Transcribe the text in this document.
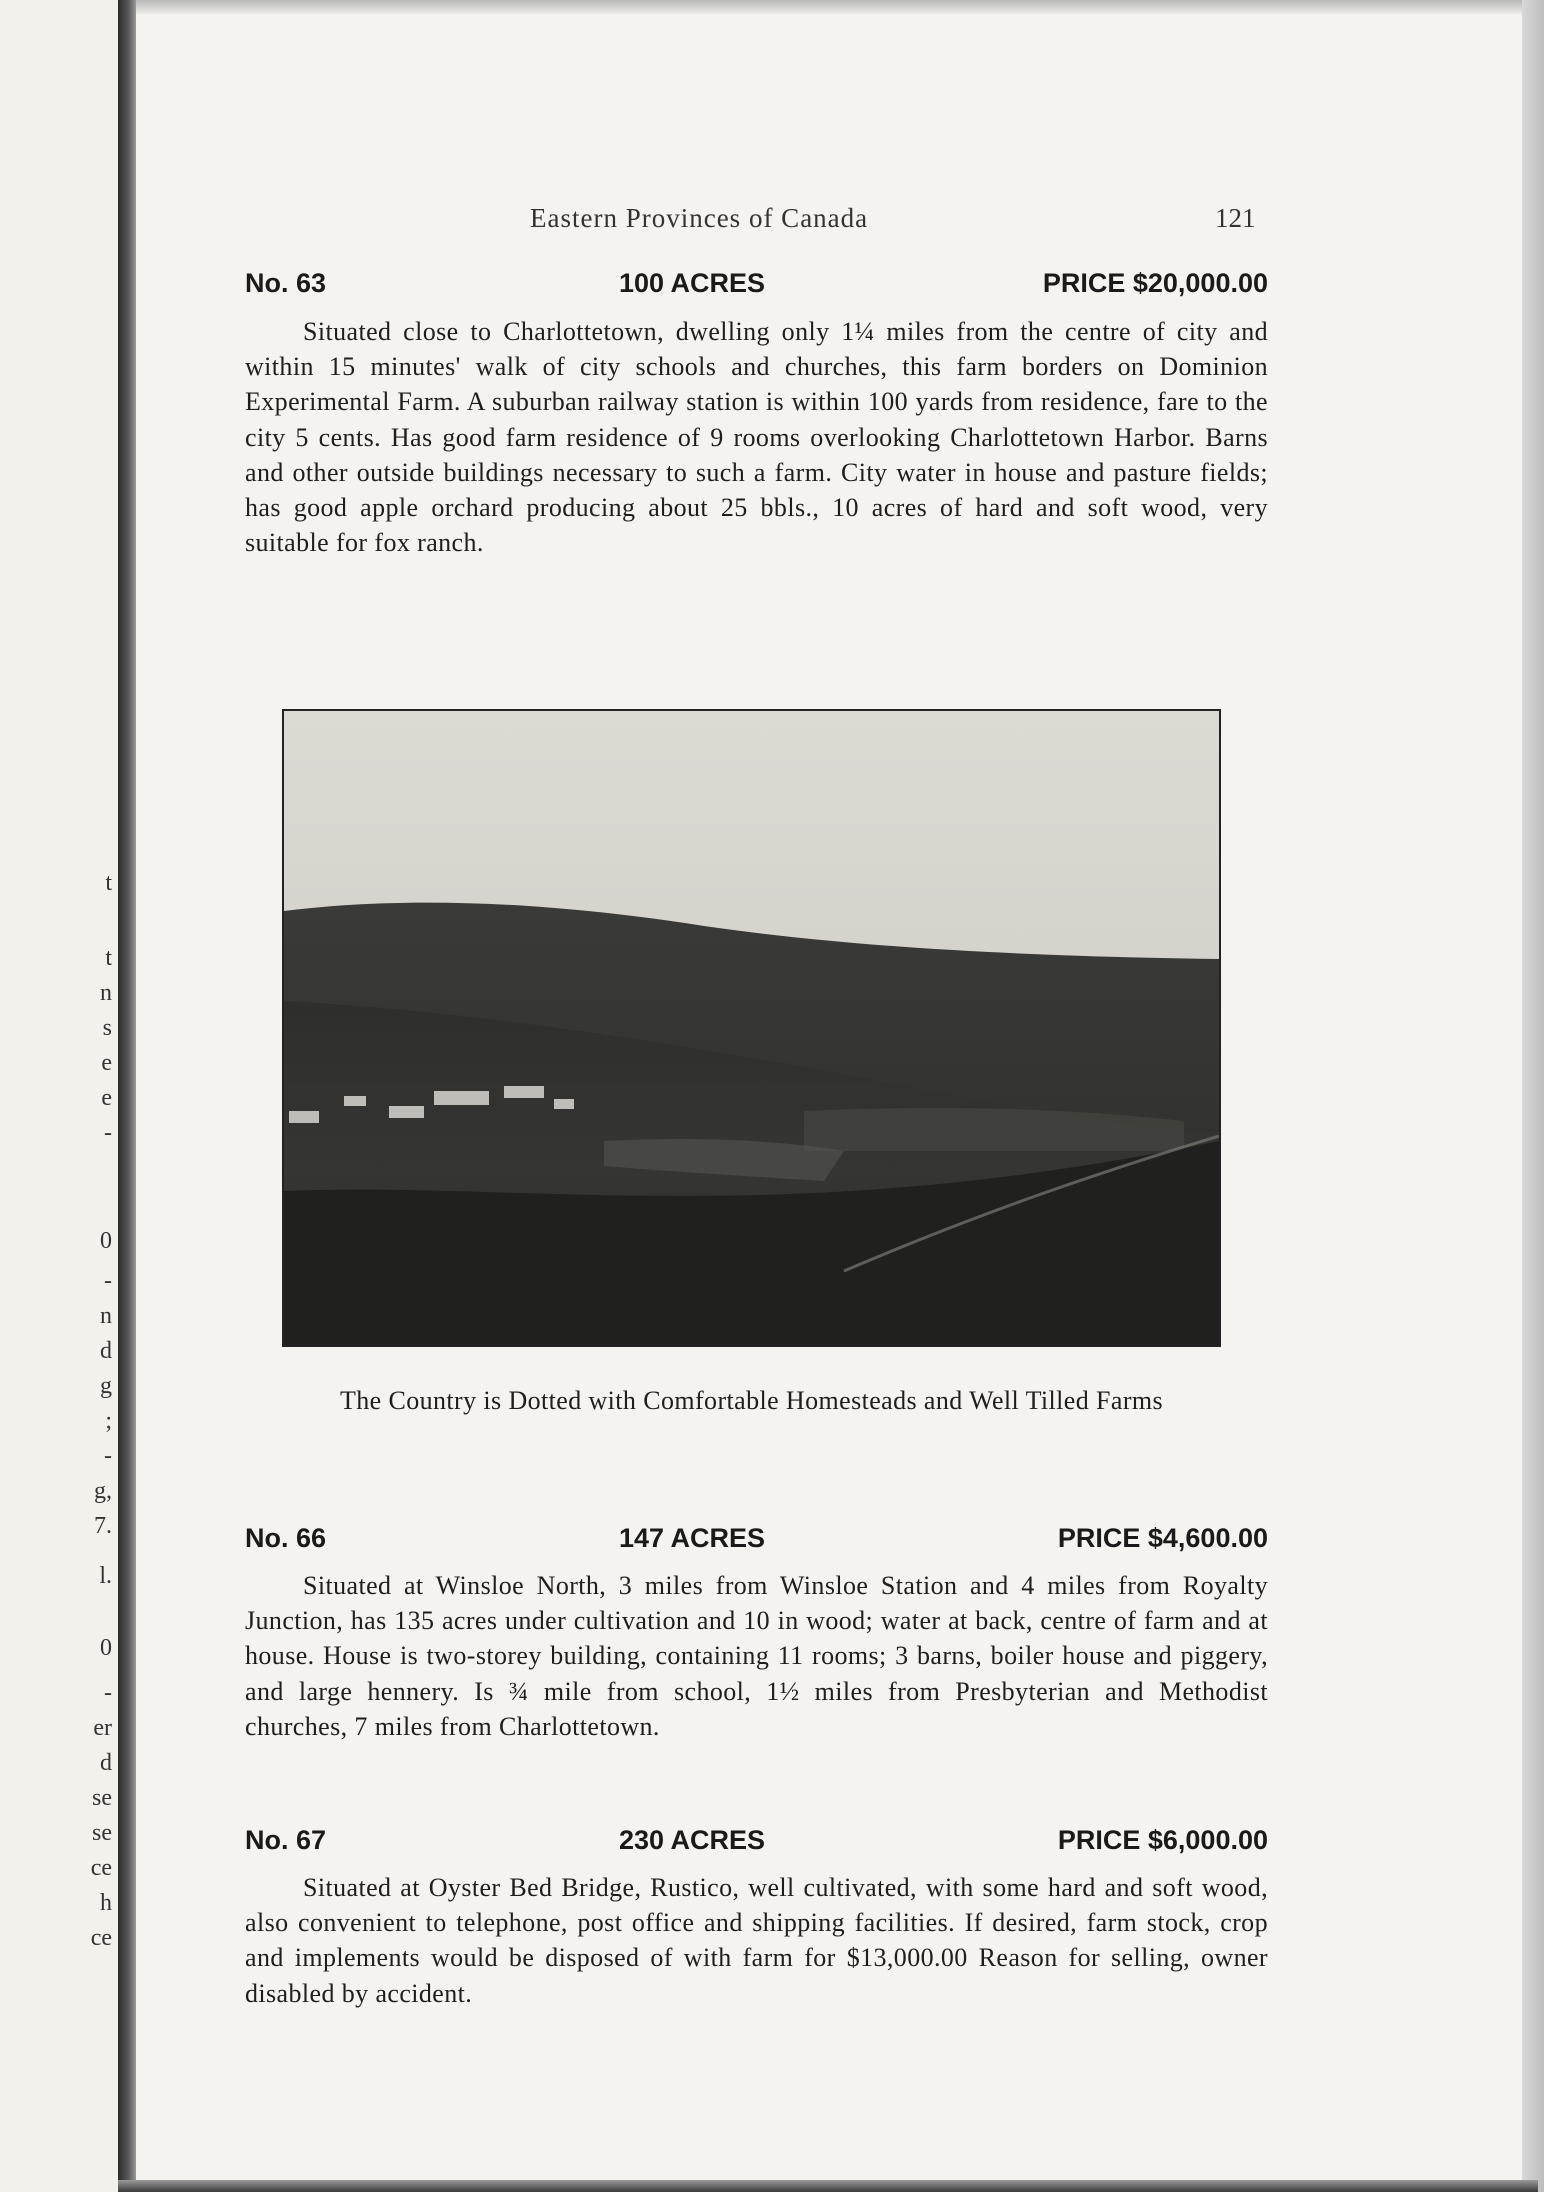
t
t
n
s
e
e
-
0
-
n
d
g
;
-
g,
7.
l.
0
-
er
d
se
se
ce
h
ce
Eastern Provinces of Canada	121
No. 63	100 ACRES	PRICE $20,000.00

Situated close to Charlottetown, dwelling only 1¼ miles from the centre of city and within 15 minutes' walk of city schools and churches, this farm borders on Dominion Experimental Farm. A suburban railway station is within 100 yards from residence, fare to the city 5 cents. Has good farm residence of 9 rooms overlooking Charlottetown Harbor. Barns and other outside buildings necessary to such a farm. City water in house and pasture fields; has good apple orchard producing about 25 bbls., 10 acres of hard and soft wood, very suitable for fox ranch.

The Country is Dotted with Comfortable Homesteads and Well Tilled Farms

No. 66	147 ACRES	PRICE $4,600.00

Situated at Winsloe North, 3 miles from Winsloe Station and 4 miles from Royalty Junction, has 135 acres under cultivation and 10 in wood; water at back, centre of farm and at house. House is two-storey building, containing 11 rooms; 3 barns, boiler house and piggery, and large hennery. Is ¾ mile from school, 1½ miles from Presbyterian and Methodist churches, 7 miles from Charlottetown.

No. 67	230 ACRES	PRICE $6,000.00

Situated at Oyster Bed Bridge, Rustico, well cultivated, with some hard and soft wood, also convenient to telephone, post office and shipping facilities. If desired, farm stock, crop and implements would be disposed of with farm for $13,000.00 Reason for selling, owner disabled by accident.
